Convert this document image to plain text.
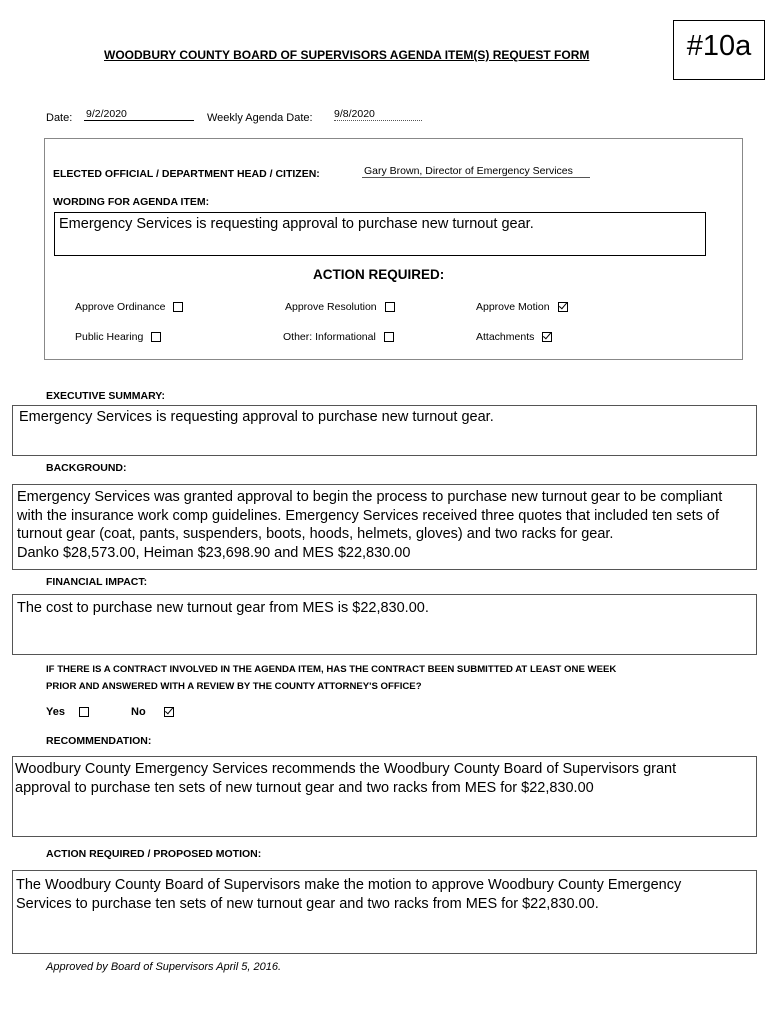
WOODBURY COUNTY BOARD OF SUPERVISORS AGENDA ITEM(S) REQUEST FORM	#10a
Date: 9/2/2020	Weekly Agenda Date: 9/8/2020
ELECTED OFFICIAL / DEPARTMENT HEAD / CITIZEN:	Gary Brown, Director of Emergency Services
WORDING FOR AGENDA ITEM:
Emergency Services is requesting approval to purchase new turnout gear.
ACTION REQUIRED:
Approve Ordinance	Approve Resolution	Approve Motion
Public Hearing	Other: Informational	Attachments
EXECUTIVE SUMMARY:
Emergency Services is requesting approval to purchase new turnout gear.
BACKGROUND:
Emergency Services was granted approval to begin the process to purchase new turnout gear to be compliant
with the insurance work comp guidelines. Emergency Services received three quotes that included ten sets of
turnout gear (coat, pants, suspenders, boots, hoods, helmets, gloves) and two racks for gear.
Danko $28,573.00, Heiman $23,698.90 and MES $22,830.00
FINANCIAL IMPACT:
The cost to purchase new turnout gear from MES is $22,830.00.
IF THERE IS A CONTRACT INVOLVED IN THE AGENDA ITEM, HAS THE CONTRACT BEEN SUBMITTED AT LEAST ONE WEEK
PRIOR AND ANSWERED WITH A REVIEW BY THE COUNTY ATTORNEY'S OFFICE?
Yes	No
RECOMMENDATION:
Woodbury County Emergency Services recommends the Woodbury County Board of Supervisors grant
approval to purchase ten sets of new turnout gear and two racks from MES for $22,830.00
ACTION REQUIRED / PROPOSED MOTION:
The Woodbury County Board of Supervisors make the motion to approve Woodbury County Emergency
Services to purchase ten sets of new turnout gear and two racks from MES for $22,830.00.
Approved by Board of Supervisors April 5, 2016.
